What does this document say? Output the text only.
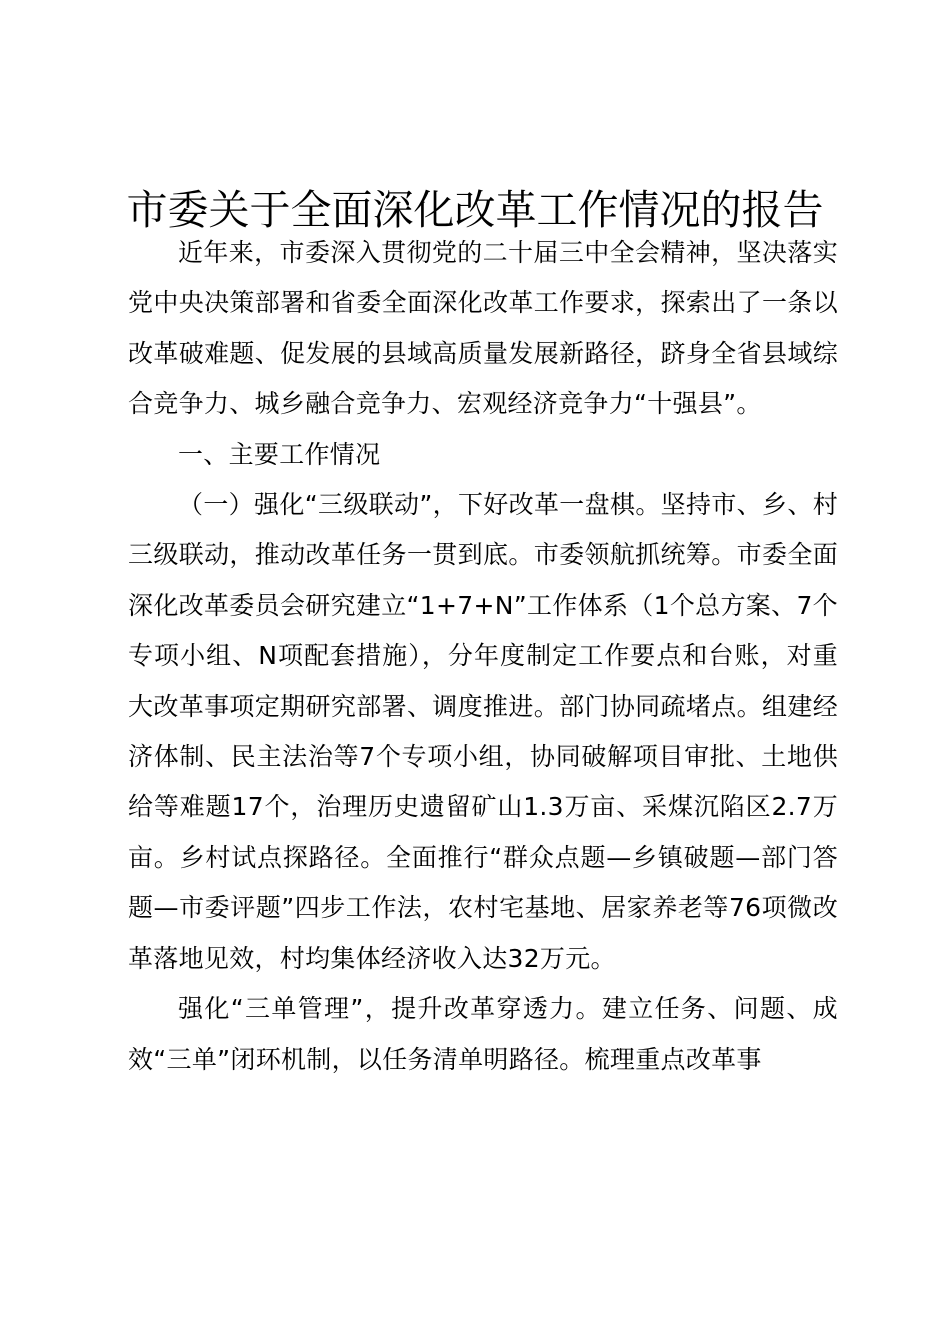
市委关于全面深化改革工作情况的报告

近年来，市委深入贯彻党的二十届三中全会精神，坚决落实党中央决策部署和省委全面深化改革工作要求，探索出了一条以改革破难题、促发展的县域高质量发展新路径，跻身全省县域综合竞争力、城乡融合竞争力、宏观经济竞争力“十强县”。

一、主要工作情况

（一）强化“三级联动”，下好改革一盘棋。坚持市、乡、村三级联动，推动改革任务一贯到底。市委领航抓统筹。市委全面深化改革委员会研究建立“1+7+N”工作体系（1个总方案、7个专项小组、N项配套措施），分年度制定工作要点和台账，对重大改革事项定期研究部署、调度推进。部门协同疏堵点。组建经济体制、民主法治等7个专项小组，协同破解项目审批、土地供给等难题17个，治理历史遗留矿山1.3万亩、采煤沉陷区2.7万亩。乡村试点探路径。全面推行“群众点题—乡镇破题—部门答题—市委评题”四步工作法，农村宅基地、居家养老等76项微改革落地见效，村均集体经济收入达32万元。

强化“三单管理”，提升改革穿透力。建立任务、问题、成效“三单”闭环机制，以任务清单明路径。梳理重点改革事
